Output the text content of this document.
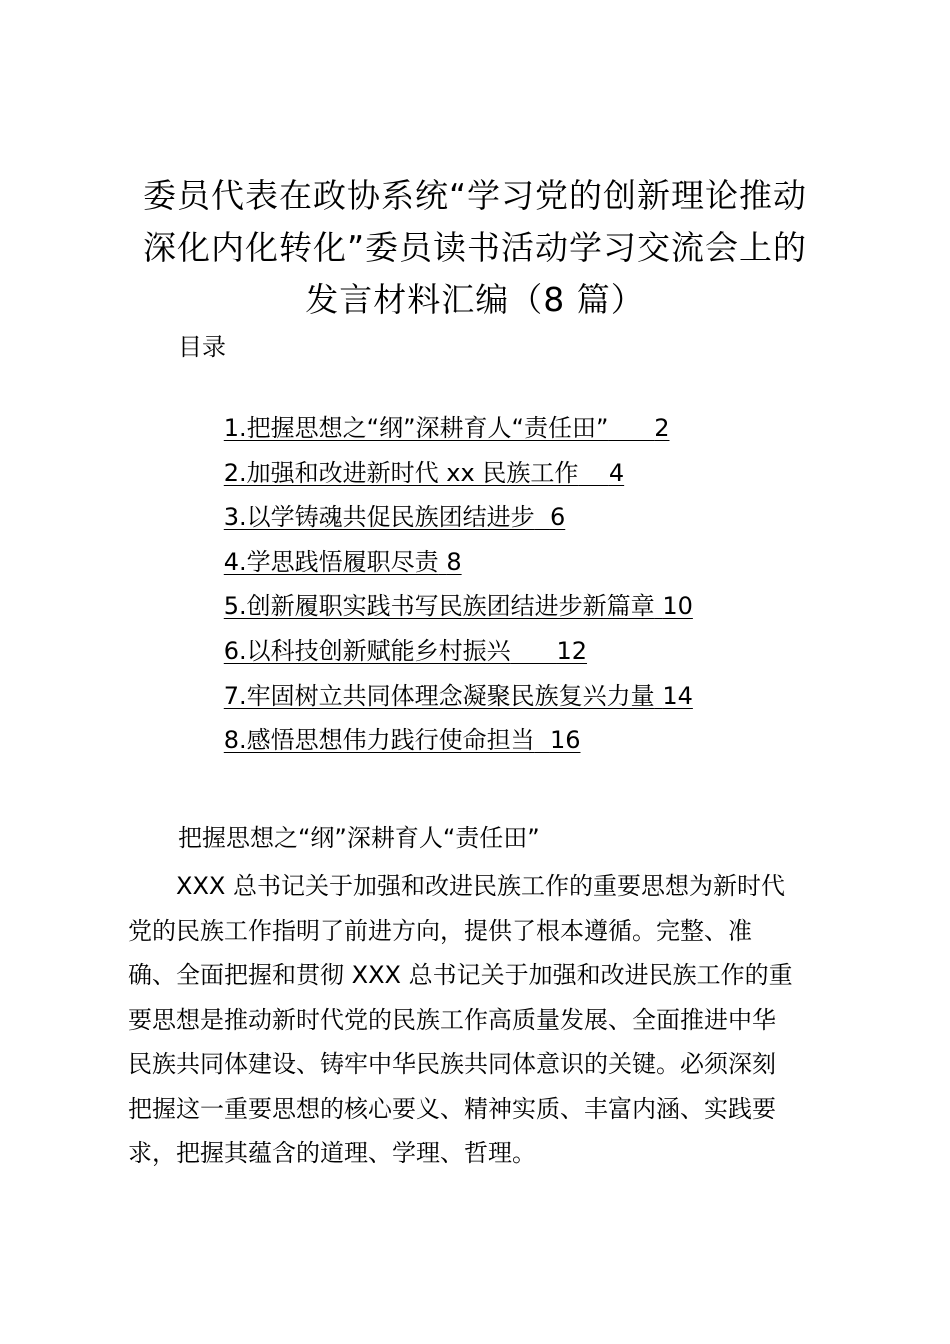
委员代表在政协系统“学习党的创新理论推动
深化内化转化”委员读书活动学习交流会上的
发言材料汇编（8 篇）
目录

1.把握思想之“纲”深耕育人“责任田” 2

2.加强和改进新时代 xx 民族工作 4

3.以学铸魂共促民族团结进步 6

4.学思践悟履职尽责 8

5.创新履职实践书写民族团结进步新篇章 10

6.以科技创新赋能乡村振兴 12

7.牢固树立共同体理念凝聚民族复兴力量 14

8.感悟思想伟力践行使命担当 16

把握思想之“纲”深耕育人“责任田”
　　XXX 总书记关于加强和改进民族工作的重要思想为新时代
党的民族工作指明了前进方向，提供了根本遵循。完整、准
确、全面把握和贯彻 XXX 总书记关于加强和改进民族工作的重
要思想是推动新时代党的民族工作高质量发展、全面推进中华
民族共同体建设、铸牢中华民族共同体意识的关键。必须深刻
把握这一重要思想的核心要义、精神实质、丰富内涵、实践要
求，把握其蕴含的道理、学理、哲理。
